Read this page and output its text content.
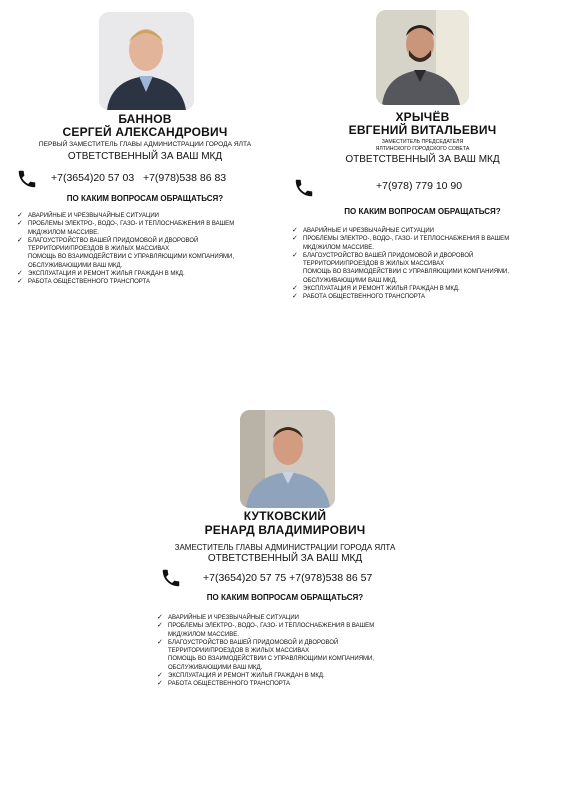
БАННОВ
СЕРГЕЙ АЛЕКСАНДРОВИЧ
ПЕРВЫЙ ЗАМЕСТИТЕЛЬ ГЛАВЫ АДМИНИСТРАЦИИ ГОРОДА ЯЛТА
ОТВЕТСТВЕННЫЙ ЗА ВАШ МКД
+7(3654)20 57 03   +7(978)538 86 83
ПО КАКИМ ВОПРОСАМ ОБРАЩАТЬСЯ?
✓ АВАРИЙНЫЕ И ЧРЕЗВЫЧАЙНЫЕ СИТУАЦИИ
✓ ПРОБЛЕМЫ ЭЛЕКТРО-, ВОДО-, ГАЗО- И ТЕПЛОСНАБЖЕНИЯ В ВАШЕМ
МКД/ЖИЛОМ МАССИВЕ.
✓ БЛАГОУСТРОЙСТВО ВАШЕЙ ПРИДОМОВОЙ И ДВОРОВОЙ
ТЕРРИТОРИИ/ПРОЕЗДОВ В ЖИЛЫХ МАССИВАХ
ПОМОЩЬ ВО ВЗАИМОДЕЙСТВИИ С УПРАВЛЯЮЩИМИ КОМПАНИЯМИ,
ОБСЛУЖИВАЮЩИМИ ВАШ МКД.
✓ ЭКСПЛУАТАЦИЯ И РЕМОНТ ЖИЛЬЯ ГРАЖДАН В МКД.
✓ РАБОТА ОБЩЕСТВЕННОГО ТРАНСПОРТА
ХРЫЧЁВ
ЕВГЕНИЙ ВИТАЛЬЕВИЧ
ЗАМЕСТИТЕЛЬ ПРЕДСЕДАТЕЛЯ
ЯЛТИНСКОГО ГОРОДСКОГО СОВЕТА
ОТВЕТСТВЕННЫЙ ЗА ВАШ МКД
+7(978) 779 10 90
ПО КАКИМ ВОПРОСАМ ОБРАЩАТЬСЯ?
✓ АВАРИЙНЫЕ И ЧРЕЗВЫЧАЙНЫЕ СИТУАЦИИ
✓ ПРОБЛЕМЫ ЭЛЕКТРО-, ВОДО-, ГАЗО- И ТЕПЛОСНАБЖЕНИЯ В ВАШЕМ
МКД/ЖИЛОМ МАССИВЕ.
✓ БЛАГОУСТРОЙСТВО ВАШЕЙ ПРИДОМОВОЙ И ДВОРОВОЙ
ТЕРРИТОРИИ/ПРОЕЗДОВ В ЖИЛЫХ МАССИВАХ
ПОМОЩЬ ВО ВЗАИМОДЕЙСТВИИ С УПРАВЛЯЮЩИМИ КОМПАНИЯМИ,
ОБСЛУЖИВАЮЩИМИ ВАШ МКД.
✓ ЭКСПЛУАТАЦИЯ И РЕМОНТ ЖИЛЬЯ ГРАЖДАН В МКД.
✓ РАБОТА ОБЩЕСТВЕННОГО ТРАНСПОРТА
КУТКОВСКИЙ
РЕНАРД ВЛАДИМИРОВИЧ
ЗАМЕСТИТЕЛЬ ГЛАВЫ АДМИНИСТРАЦИИ ГОРОДА ЯЛТА
ОТВЕТСТВЕННЫЙ ЗА ВАШ МКД
+7(3654)20 57 75 +7(978)538 86 57
ПО КАКИМ ВОПРОСАМ ОБРАЩАТЬСЯ?
✓ АВАРИЙНЫЕ И ЧРЕЗВЫЧАЙНЫЕ СИТУАЦИИ
✓ ПРОБЛЕМЫ ЭЛЕКТРО-, ВОДО-, ГАЗО- И ТЕПЛОСНАБЖЕНИЯ В ВАШЕМ
МКД/ЖИЛОМ МАССИВЕ.
✓ БЛАГОУСТРОЙСТВО ВАШЕЙ ПРИДОМОВОЙ И ДВОРОВОЙ
ТЕРРИТОРИИ/ПРОЕЗДОВ В ЖИЛЫХ МАССИВАХ
ПОМОЩЬ ВО ВЗАИМОДЕЙСТВИИ С УПРАВЛЯЮЩИМИ КОМПАНИЯМИ,
ОБСЛУЖИВАЮЩИМИ ВАШ МКД.
✓ ЭКСПЛУАТАЦИЯ И РЕМОНТ ЖИЛЬЯ ГРАЖДАН В МКД.
✓ РАБОТА ОБЩЕСТВЕННОГО ТРАНСПОРТА
